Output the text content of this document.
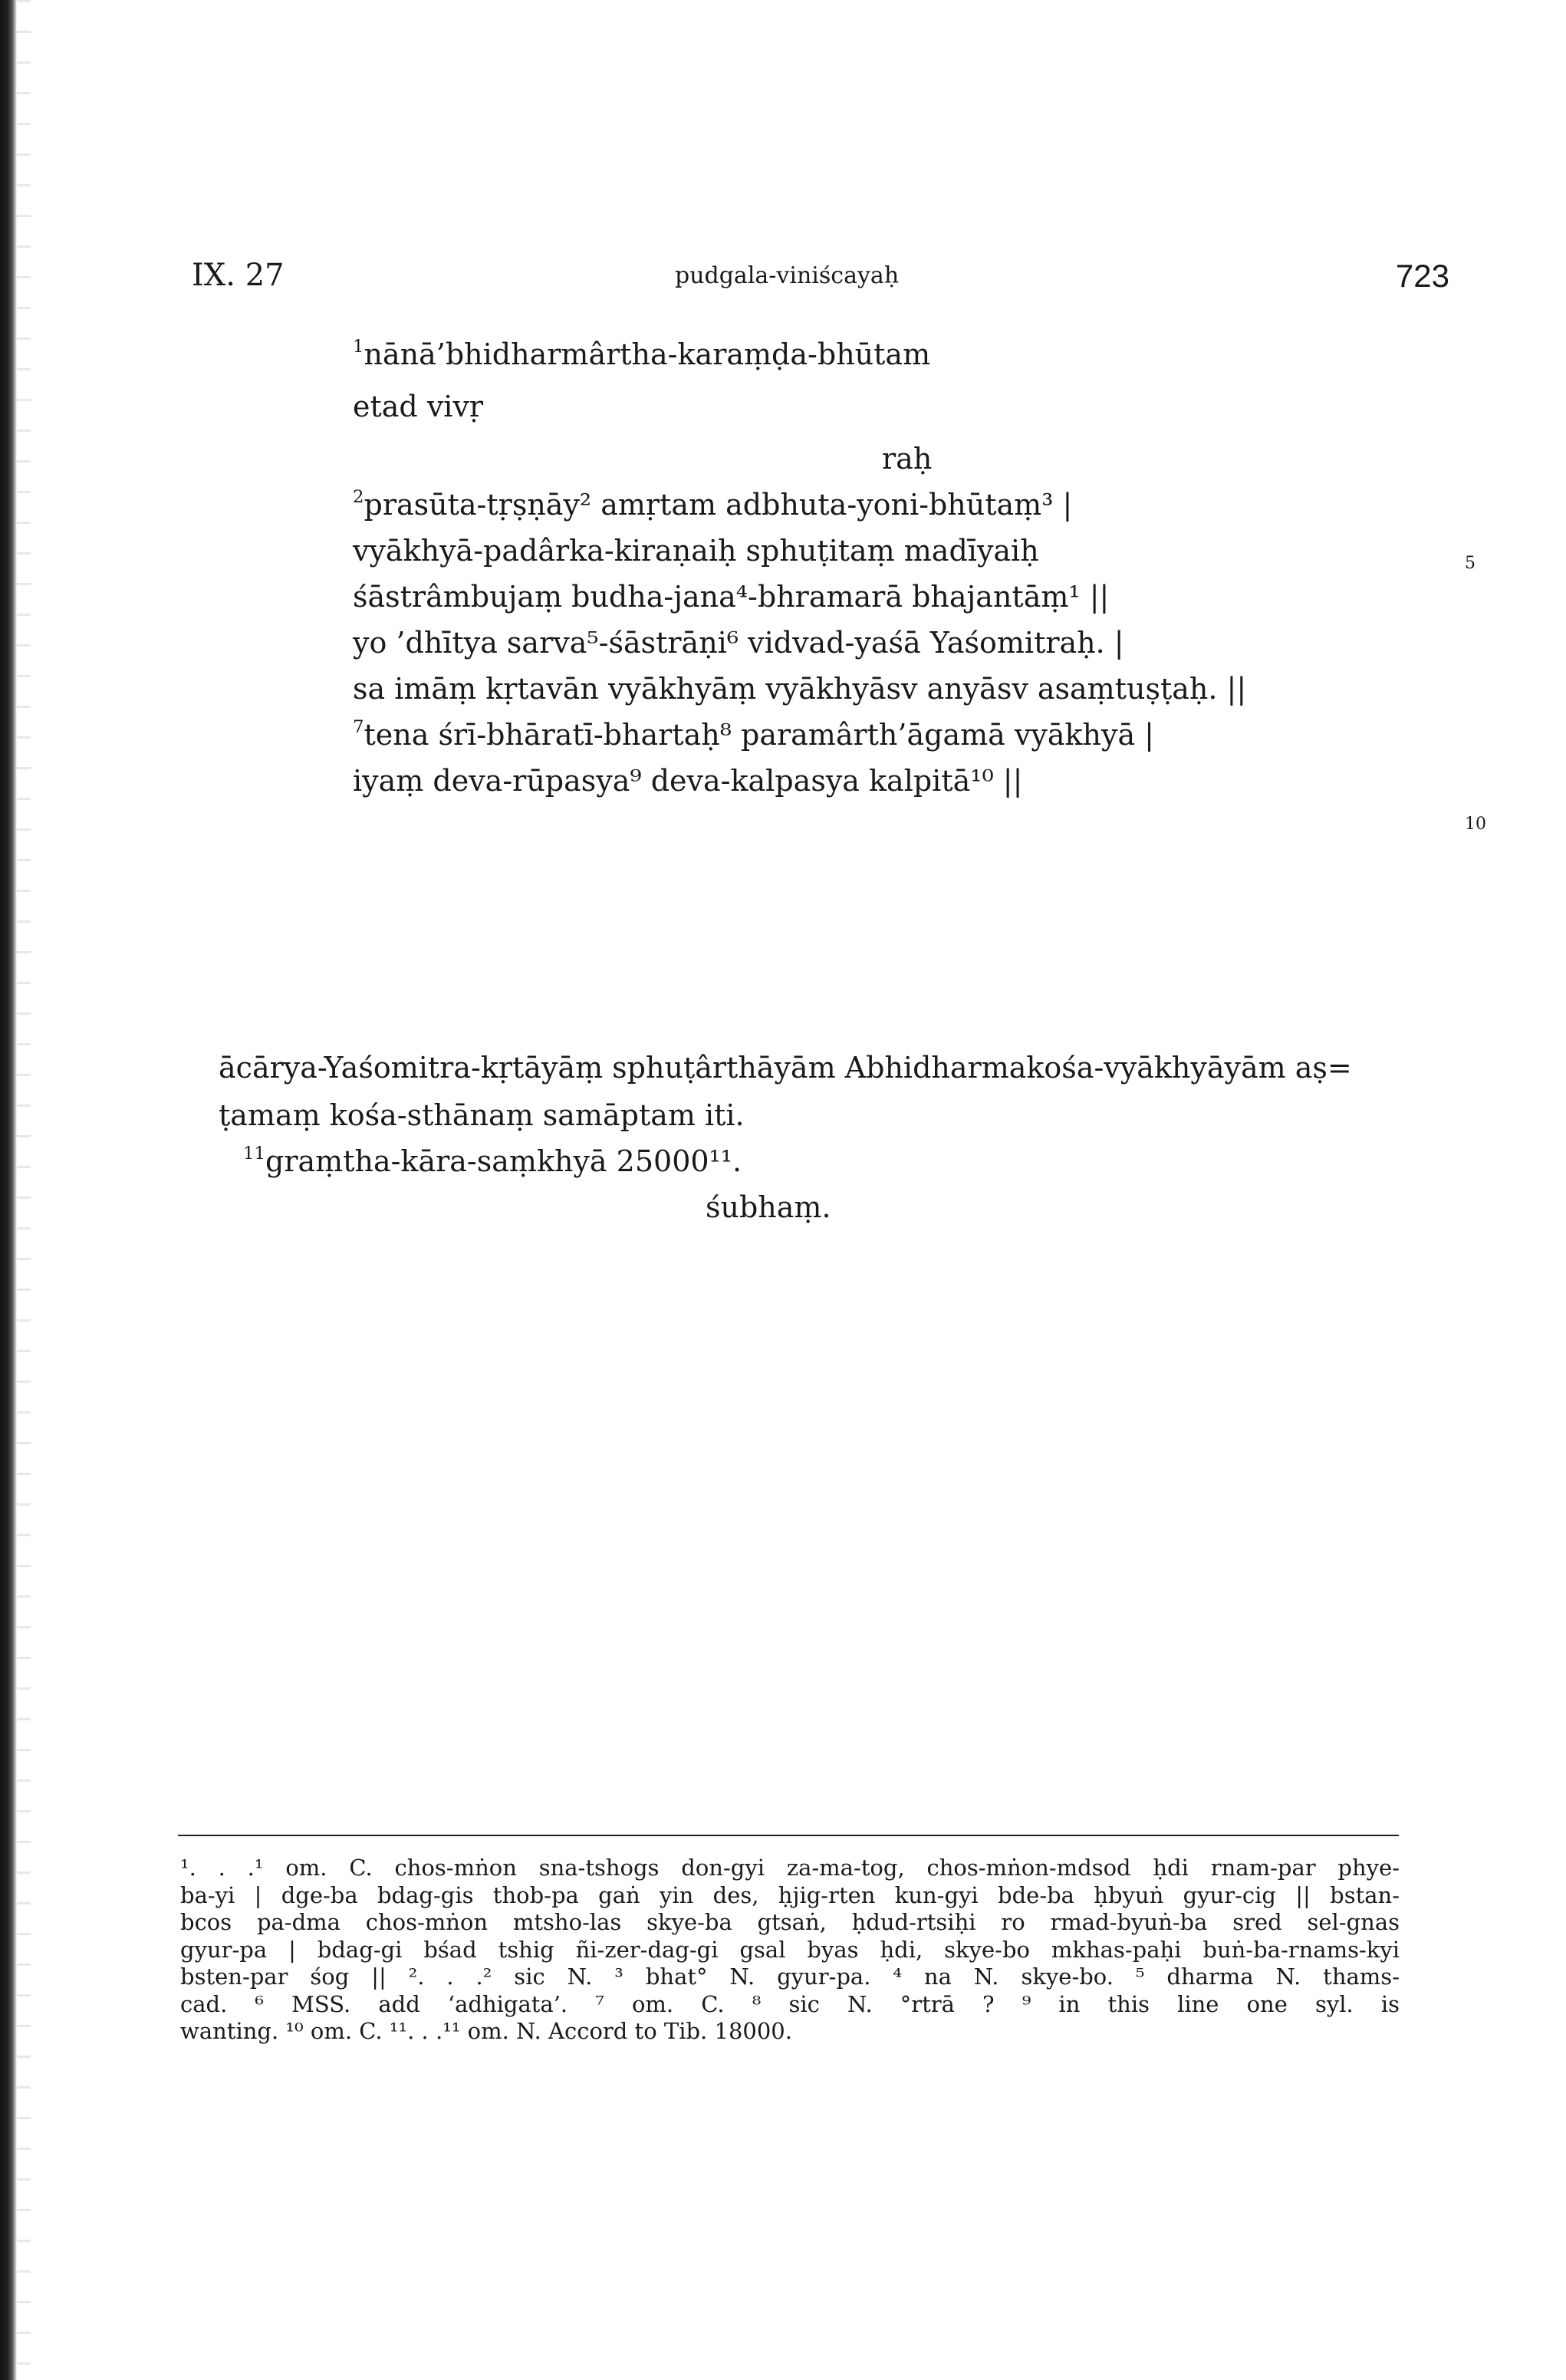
IX. 27	pudgala-viniścayaḥ	723
$^1$nānā’bhidharmârtha-karaṃḍa-bhūtam
etad vivṛ
raḥ
$^2$prasūta-tṛṣṇāy² amṛtam adbhuta-yoni-bhūtaṃ³ |
vyākhyā-padârka-kiraṇaiḥ sphuṭitaṃ madīyaiḥ
śāstrâmbujaṃ budha-jana⁴-bhramarā bhajantāṃ¹ ||
yo ’dhītya sarva⁵-śāstrāṇi⁶ vidvad-yaśā Yaśomitraḥ. |
sa imāṃ kṛtavān vyākhyāṃ vyākhyāsv anyāsv asaṃtuṣṭaḥ. ||
$^7$tena śrī-bhāratī-bhartaḥ⁸ paramârth’āgamā vyākhyā |
iyaṃ deva-rūpasya⁹ deva-kalpasya kalpitā¹⁰ ||
5
10
ācārya-Yaśomitra-kṛtāyāṃ sphuṭârthāyām Abhidharmakośa-vyākhyāyām aṣ=
ṭamaṃ kośa-sthānaṃ samāptam iti.
$^{11}$graṃtha-kāra-saṃkhyā 25000¹¹.
śubhaṃ.
¹. . .¹ om. C. chos-mṅon sna-tshogs don-gyi za-ma-tog, chos-mṅon-mdsod ḥdi rnam-par phye-
ba-yi | dge-ba bdag-gis thob-pa gaṅ yin des, ḥjig-rten kun-gyi bde-ba ḥbyuṅ gyur-cig || bstan-
bcos pa-dma chos-mṅon mtsho-las skye-ba gtsaṅ, ḥdud-rtsiḥi ro rmad-byuṅ-ba sred sel-gnas
gyur-pa | bdag-gi bśad tshig ñi-zer-dag-gi gsal byas ḥdi, skye-bo mkhas-paḥi buṅ-ba-rnams-kyi
bsten-par śog || ². . .² sic N. ³ bhat° N. gyur-pa. ⁴ na N. skye-bo. ⁵ dharma N. thams-
cad. ⁶ MSS. add ‘adhigata’. ⁷ om. C. ⁸ sic N. °rtrā ? ⁹ in this line one syl. is
wanting. ¹⁰ om. C. ¹¹. . .¹¹ om. N. Accord to Tib. 18000.
